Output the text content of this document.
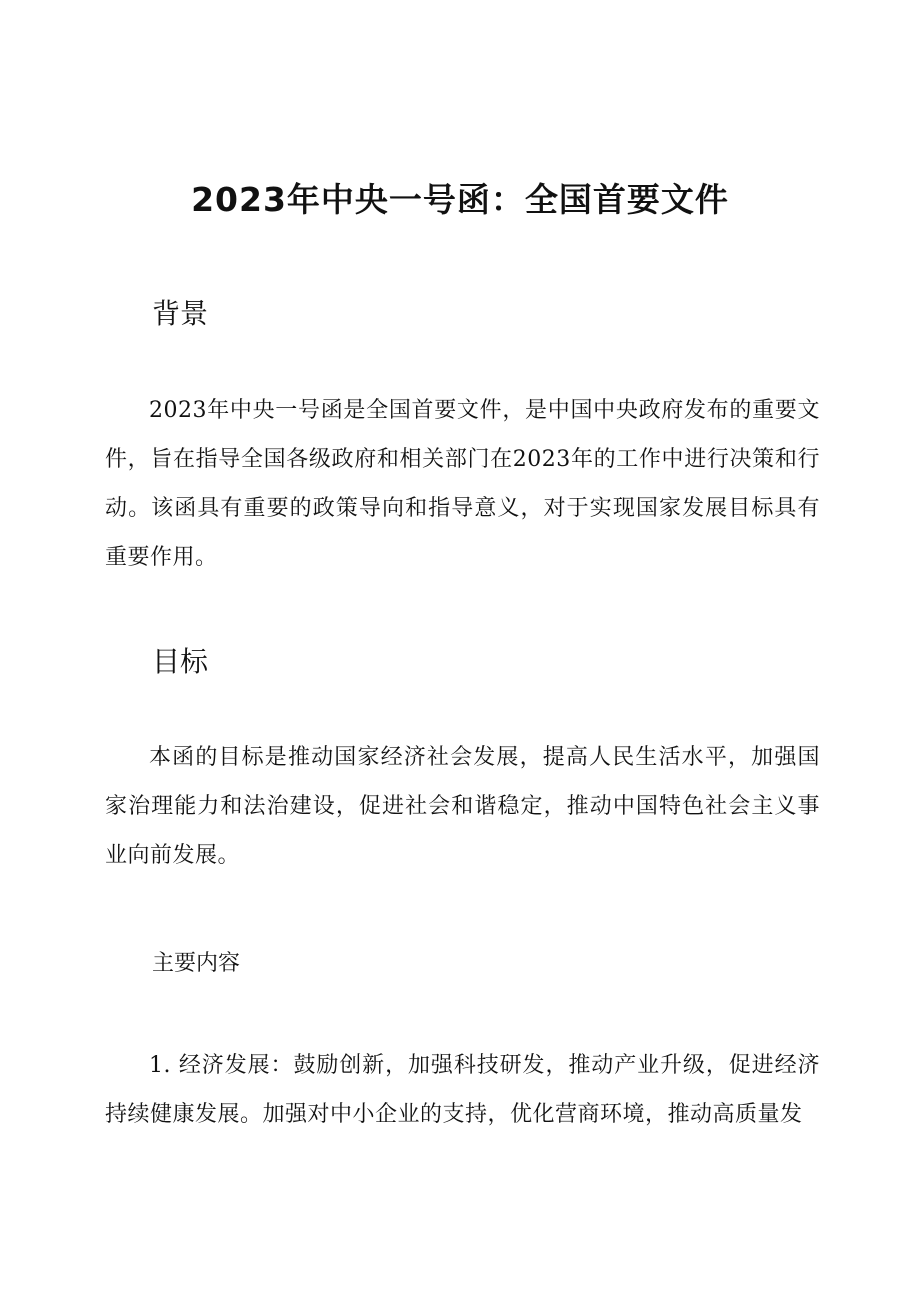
2023年中央一号函：全国首要文件
背景

2023年中央一号函是全国首要文件，是中国中央政府发布的重要文件，旨在指导全国各级政府和相关部门在2023年的工作中进行决策和行动。该函具有重要的政策导向和指导意义，对于实现国家发展目标具有重要作用。

目标

本函的目标是推动国家经济社会发展，提高人民生活水平，加强国家治理能力和法治建设，促进社会和谐稳定，推动中国特色社会主义事业向前发展。

主要内容

1. 经济发展：鼓励创新，加强科技研发，推动产业升级，促进经济持续健康发展。加强对中小企业的支持，优化营商环境，推动高质量发
